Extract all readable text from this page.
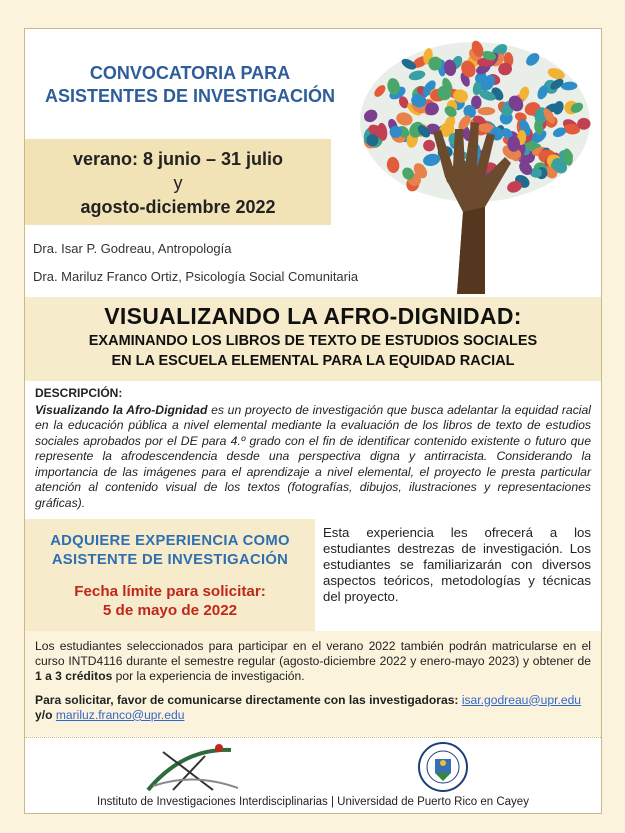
CONVOCATORIA PARA
ASISTENTES DE INVESTIGACIÓN
verano: 8 junio – 31 julio
y
agosto-diciembre 2022
Dra. Isar P. Godreau, Antropología
Dra. Mariluz Franco Ortiz, Psicología Social Comunitaria
VISUALIZANDO LA AFRO-DIGNIDAD:
EXAMINANDO LOS LIBROS DE TEXTO DE ESTUDIOS SOCIALES
EN LA ESCUELA ELEMENTAL PARA LA EQUIDAD RACIAL
DESCRIPCIÓN:
Visualizando la Afro-Dignidad es un proyecto de investigación que busca adelantar la equidad racial en la educación pública a nivel elemental mediante la evaluación de los libros de texto de estudios sociales aprobados por el DE para 4.º grado con el fin de identificar contenido existente o futuro que represente la afrodescendencia desde una perspectiva digna y antirracista. Considerando la importancia de las imágenes para el aprendizaje a nivel elemental, el proyecto le presta particular atención al contenido visual de los textos (fotografías, dibujos, ilustraciones y representaciones gráficas).
ADQUIERE EXPERIENCIA COMO
ASISTENTE DE INVESTIGACIÓN
Fecha límite para solicitar:
5 de mayo de 2022
Esta experiencia les ofrecerá a los estudiantes destrezas de investigación. Los estudiantes se familiarizarán con diversos aspectos teóricos, metodologías y técnicas del proyecto.
Los estudiantes seleccionados para participar en el verano 2022 también podrán matricularse en el curso INTD4116 durante el semestre regular (agosto-diciembre 2022 y enero-mayo 2023) y obtener de 1 a 3 créditos por la experiencia de investigación.
Para solicitar, favor de comunicarse directamente con las investigadoras: isar.godreau@upr.edu
y/o mariluz.franco@upr.edu
Instituto de Investigaciones Interdisciplinarias | Universidad de Puerto Rico en Cayey
